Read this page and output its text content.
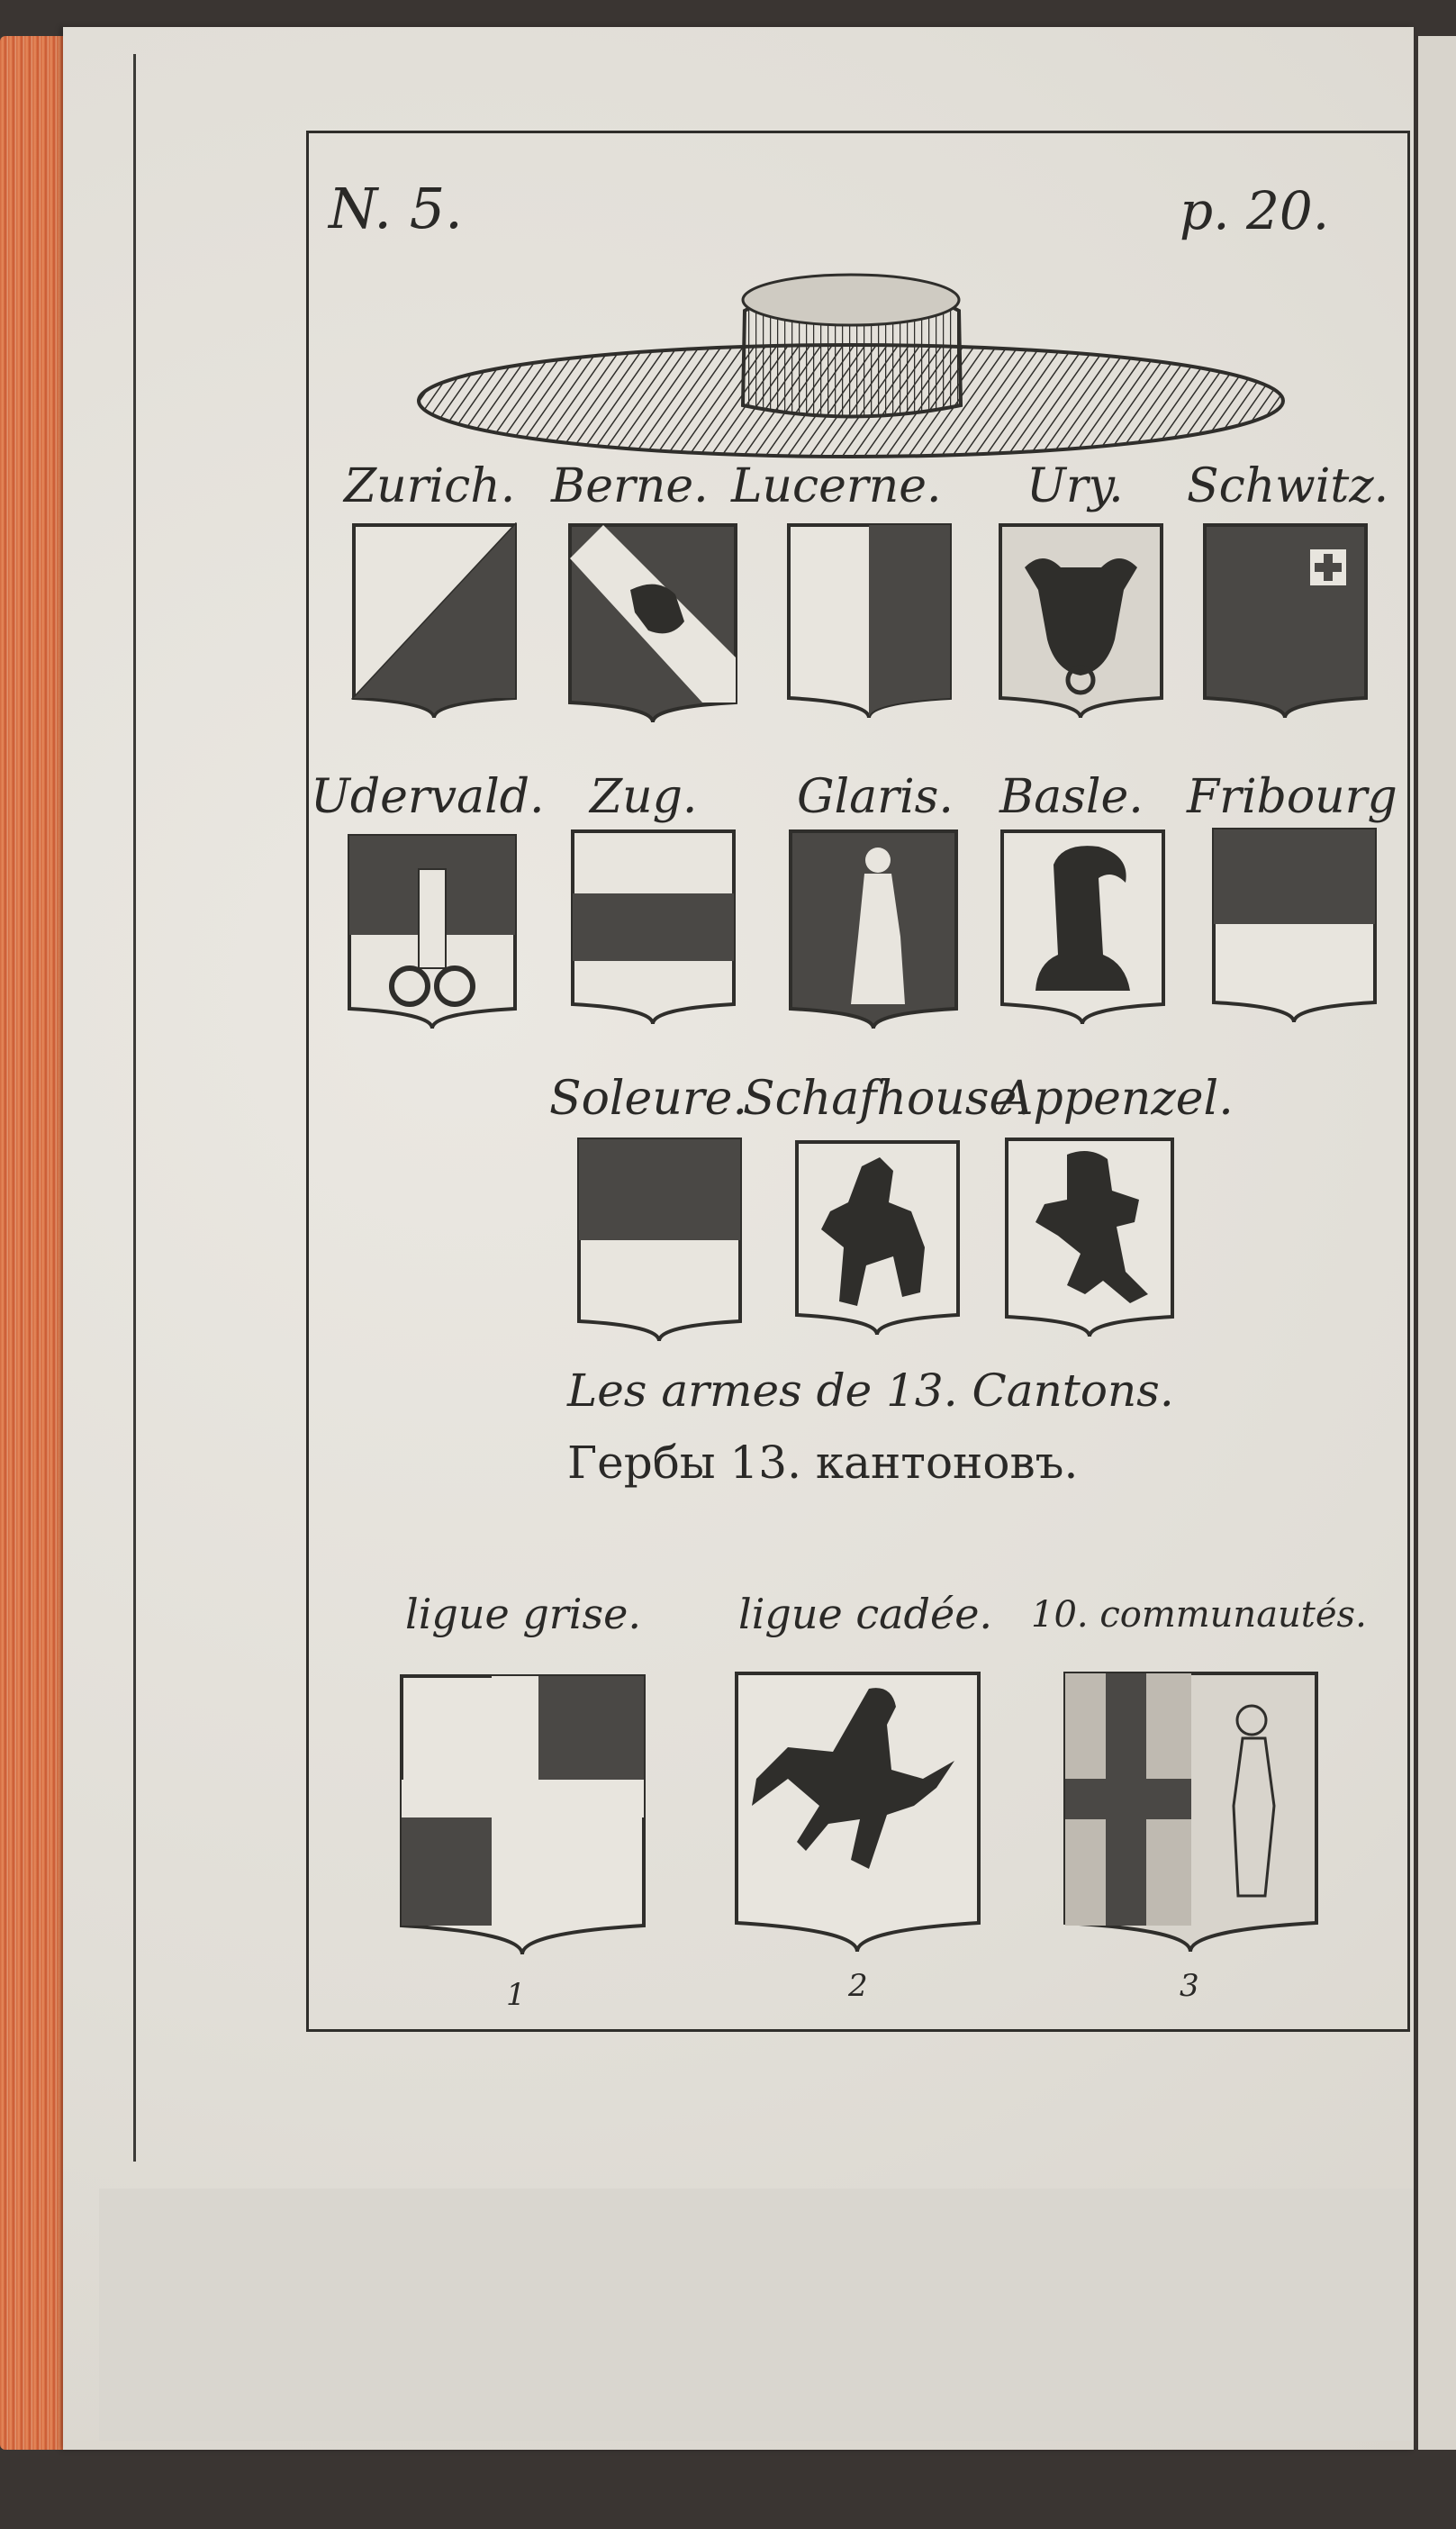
N. 5.	p. 20.
Zurich. Berne. Lucerne. Ury. Schwitz.
Udervald. Zug. Glaris. Basle. Fribourg
Soleure.
Schafhouse.
Appenzel.
Les armes de 13. Cantons.
Гербы 13. кантоновъ.
ligue grise. ligue cadée. 10. communautés.
1	2	3
